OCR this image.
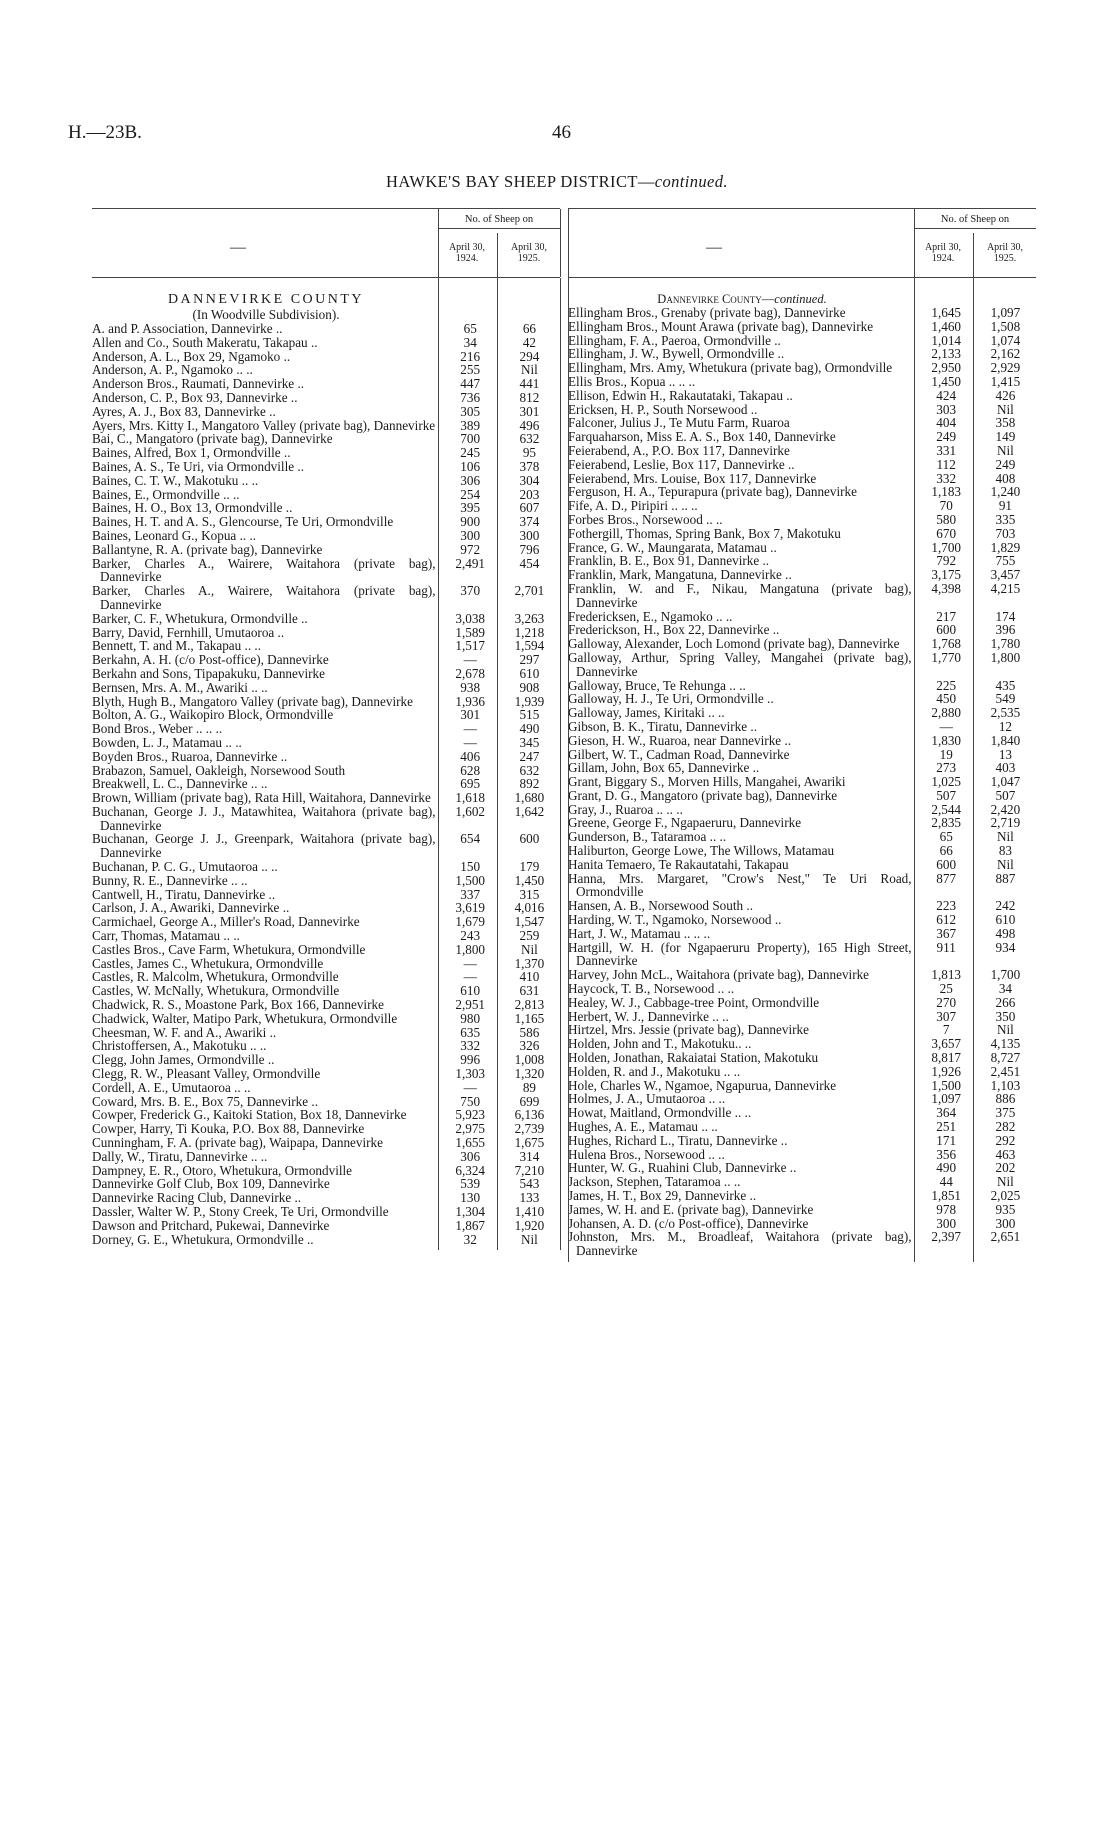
H.—23B.	46
HAWKE'S BAY SHEEP DISTRICT—continued.
—
No. of Sheep on
April 30,
1924.
April 30,
1925.
DANNEVIRKE COUNTY
(In Woodville Subdivision).
A. and P. Association, Dannevirke ..	65	66
Allen and Co., South Makeratu, Takapau ..	34	42
Anderson, A. L., Box 29, Ngamoko ..	216	294
Anderson, A. P., Ngamoko .. ..	255	Nil
Anderson Bros., Raumati, Dannevirke ..	447	441
Anderson, C. P., Box 93, Dannevirke ..	736	812
Ayres, A. J., Box 83, Dannevirke ..	305	301
Ayers, Mrs. Kitty I., Mangatoro Valley (private bag), Dannevirke	389	496
Bai, C., Mangatoro (private bag), Dannevirke	700	632
Baines, Alfred, Box 1, Ormondville ..	245	95
Baines, A. S., Te Uri, via Ormondville ..	106	378
Baines, C. T. W., Makotuku .. ..	306	304
Baines, E., Ormondville .. ..	254	203
Baines, H. O., Box 13, Ormondville ..	395	607
Baines, H. T. and A. S., Glencourse, Te Uri, Ormondville	900	374
Baines, Leonard G., Kopua .. ..	300	300
Ballantyne, R. A. (private bag), Dannevirke	972	796
Barker, Charles A., Wairere, Waitahora (private bag), Dannevirke
2,491	454
Barker, Charles A., Wairere, Waitahora (private bag), Dannevirke
370	2,701
Barker, C. F., Whetukura, Ormondville ..	3,038	3,263
Barry, David, Fernhill, Umutaoroa ..	1,589	1,218
Bennett, T. and M., Takapau .. ..	1,517	1,594
Berkahn, A. H. (c/o Post-office), Dannevirke	—	297
Berkahn and Sons, Tipapakuku, Dannevirke	2,678	610
Bernsen, Mrs. A. M., Awariki .. ..	938	908
Blyth, Hugh B., Mangatoro Valley (private bag), Dannevirke	1,936	1,939
Bolton, A. G., Waikopiro Block, Ormondville	301	515
Bond Bros., Weber .. .. ..	—	490
Bowden, L. J., Matamau .. ..	—	345
Boyden Bros., Ruaroa, Dannevirke ..	406	247
Brabazon, Samuel, Oakleigh, Norsewood South	628	632
Breakwell, L. C., Dannevirke .. ..	695	892
Brown, William (private bag), Rata Hill, Waitahora, Dannevirke	1,618	1,680
Buchanan, George J. J., Matawhitea, Waitahora (private bag), Dannevirke
1,602	1,642
Buchanan, George J. J., Greenpark, Waitahora (private bag), Dannevirke
654	600
Buchanan, P. C. G., Umutaoroa .. ..	150	179
Bunny, R. E., Dannevirke .. ..	1,500	1,450
Cantwell, H., Tiratu, Dannevirke ..	337	315
Carlson, J. A., Awariki, Dannevirke ..	3,619	4,016
Carmichael, George A., Miller's Road, Dannevirke	1,679	1,547
Carr, Thomas, Matamau .. ..	243	259
Castles Bros., Cave Farm, Whetukura, Ormondville	1,800	Nil
Castles, James C., Whetukura, Ormondville	—	1,370
Castles, R. Malcolm, Whetukura, Ormondville	—	410
Castles, W. McNally, Whetukura, Ormondville	610	631
Chadwick, R. S., Moastone Park, Box 166, Dannevirke	2,951	2,813
Chadwick, Walter, Matipo Park, Whetukura, Ormondville	980	1,165
Cheesman, W. F. and A., Awariki ..	635	586
Christoffersen, A., Makotuku .. ..	332	326
Clegg, John James, Ormondville ..	996	1,008
Clegg, R. W., Pleasant Valley, Ormondville	1,303	1,320
Cordell, A. E., Umutaoroa .. ..	—	89
Coward, Mrs. B. E., Box 75, Dannevirke ..	750	699
Cowper, Frederick G., Kaitoki Station, Box 18, Dannevirke	5,923	6,136
Cowper, Harry, Ti Kouka, P.O. Box 88, Dannevirke	2,975	2,739
Cunningham, F. A. (private bag), Waipapa, Dannevirke	1,655	1,675
Dally, W., Tiratu, Dannevirke .. ..	306	314
Dampney, E. R., Otoro, Whetukura, Ormondville	6,324	7,210
Dannevirke Golf Club, Box 109, Dannevirke	539	543
Dannevirke Racing Club, Dannevirke ..	130	133
Dassler, Walter W. P., Stony Creek, Te Uri, Ormondville	1,304	1,410
Dawson and Pritchard, Pukewai, Dannevirke	1,867	1,920
Dorney, G. E., Whetukura, Ormondville ..	32	Nil
—
No. of Sheep on
April 30,
1924.
April 30,
1925.
Dannevirke County—continued.
Ellingham Bros., Grenaby (private bag), Dannevirke	1,645	1,097
Ellingham Bros., Mount Arawa (private bag), Dannevirke	1,460	1,508
Ellingham, F. A., Paeroa, Ormondville ..	1,014	1,074
Ellingham, J. W., Bywell, Ormondville ..	2,133	2,162
Ellingham, Mrs. Amy, Whetukura (private bag), Ormondville	2,950	2,929
Ellis Bros., Kopua .. .. ..	1,450	1,415
Ellison, Edwin H., Rakautataki, Takapau ..	424	426
Ericksen, H. P., South Norsewood ..	303	Nil
Falconer, Julius J., Te Mutu Farm, Ruaroa	404	358
Farquaharson, Miss E. A. S., Box 140, Dannevirke	249	149
Feierabend, A., P.O. Box 117, Dannevirke	331	Nil
Feierabend, Leslie, Box 117, Dannevirke ..	112	249
Feierabend, Mrs. Louise, Box 117, Dannevirke	332	408
Ferguson, H. A., Tepurapura (private bag), Dannevirke	1,183	1,240
Fife, A. D., Piripiri .. .. ..	70	91
Forbes Bros., Norsewood .. ..	580	335
Fothergill, Thomas, Spring Bank, Box 7, Makotuku	670	703
France, G. W., Maungarata, Matamau ..	1,700	1,829
Franklin, B. E., Box 91, Dannevirke ..	792	755
Franklin, Mark, Mangatuna, Dannevirke ..	3,175	3,457
Franklin, W. and F., Nikau, Mangatuna (private bag), Dannevirke
4,398	4,215
Fredericksen, E., Ngamoko .. ..	217	174
Frederickson, H., Box 22, Dannevirke ..	600	396
Galloway, Alexander, Loch Lomond (private bag), Dannevirke	1,768	1,780
Galloway, Arthur, Spring Valley, Mangahei (private bag), Dannevirke
1,770	1,800
Galloway, Bruce, Te Rehunga .. ..	225	435
Galloway, H. J., Te Uri, Ormondville ..	450	549
Galloway, James, Kiritaki .. ..	2,880	2,535
Gibson, B. K., Tiratu, Dannevirke ..	—	12
Gieson, H. W., Ruaroa, near Dannevirke ..	1,830	1,840
Gilbert, W. T., Cadman Road, Dannevirke	19	13
Gillam, John, Box 65, Dannevirke ..	273	403
Grant, Biggary S., Morven Hills, Mangahei, Awariki	1,025	1,047
Grant, D. G., Mangatoro (private bag), Dannevirke	507	507
Gray, J., Ruaroa .. .. ..	2,544	2,420
Greene, George F., Ngapaeruru, Dannevirke	2,835	2,719
Gunderson, B., Tataramoa .. ..	65	Nil
Haliburton, George Lowe, The Willows, Matamau	66	83
Hanita Temaero, Te Rakautatahi, Takapau	600	Nil
Hanna, Mrs. Margaret, "Crow's Nest," Te Uri Road, Ormondville
877	887
Hansen, A. B., Norsewood South ..	223	242
Harding, W. T., Ngamoko, Norsewood ..	612	610
Hart, J. W., Matamau .. .. ..	367	498
Hartgill, W. H. (for Ngapaeruru Property), 165 High Street, Dannevirke
911	934
Harvey, John McL., Waitahora (private bag), Dannevirke	1,813	1,700
Haycock, T. B., Norsewood .. ..	25	34
Healey, W. J., Cabbage-tree Point, Ormondville	270	266
Herbert, W. J., Dannevirke .. ..	307	350
Hirtzel, Mrs. Jessie (private bag), Dannevirke	7	Nil
Holden, John and T., Makotuku.. ..	3,657	4,135
Holden, Jonathan, Rakaiatai Station, Makotuku	8,817	8,727
Holden, R. and J., Makotuku .. ..	1,926	2,451
Hole, Charles W., Ngamoe, Ngapurua, Dannevirke	1,500	1,103
Holmes, J. A., Umutaoroa .. ..	1,097	886
Howat, Maitland, Ormondville .. ..	364	375
Hughes, A. E., Matamau .. ..	251	282
Hughes, Richard L., Tiratu, Dannevirke ..	171	292
Hulena Bros., Norsewood .. ..	356	463
Hunter, W. G., Ruahini Club, Dannevirke ..	490	202
Jackson, Stephen, Tataramoa .. ..	44	Nil
James, H. T., Box 29, Dannevirke ..	1,851	2,025
James, W. H. and E. (private bag), Dannevirke	978	935
Johansen, A. D. (c/o Post-office), Dannevirke	300	300
Johnston, Mrs. M., Broadleaf, Waitahora (private bag), Dannevirke
2,397	2,651
